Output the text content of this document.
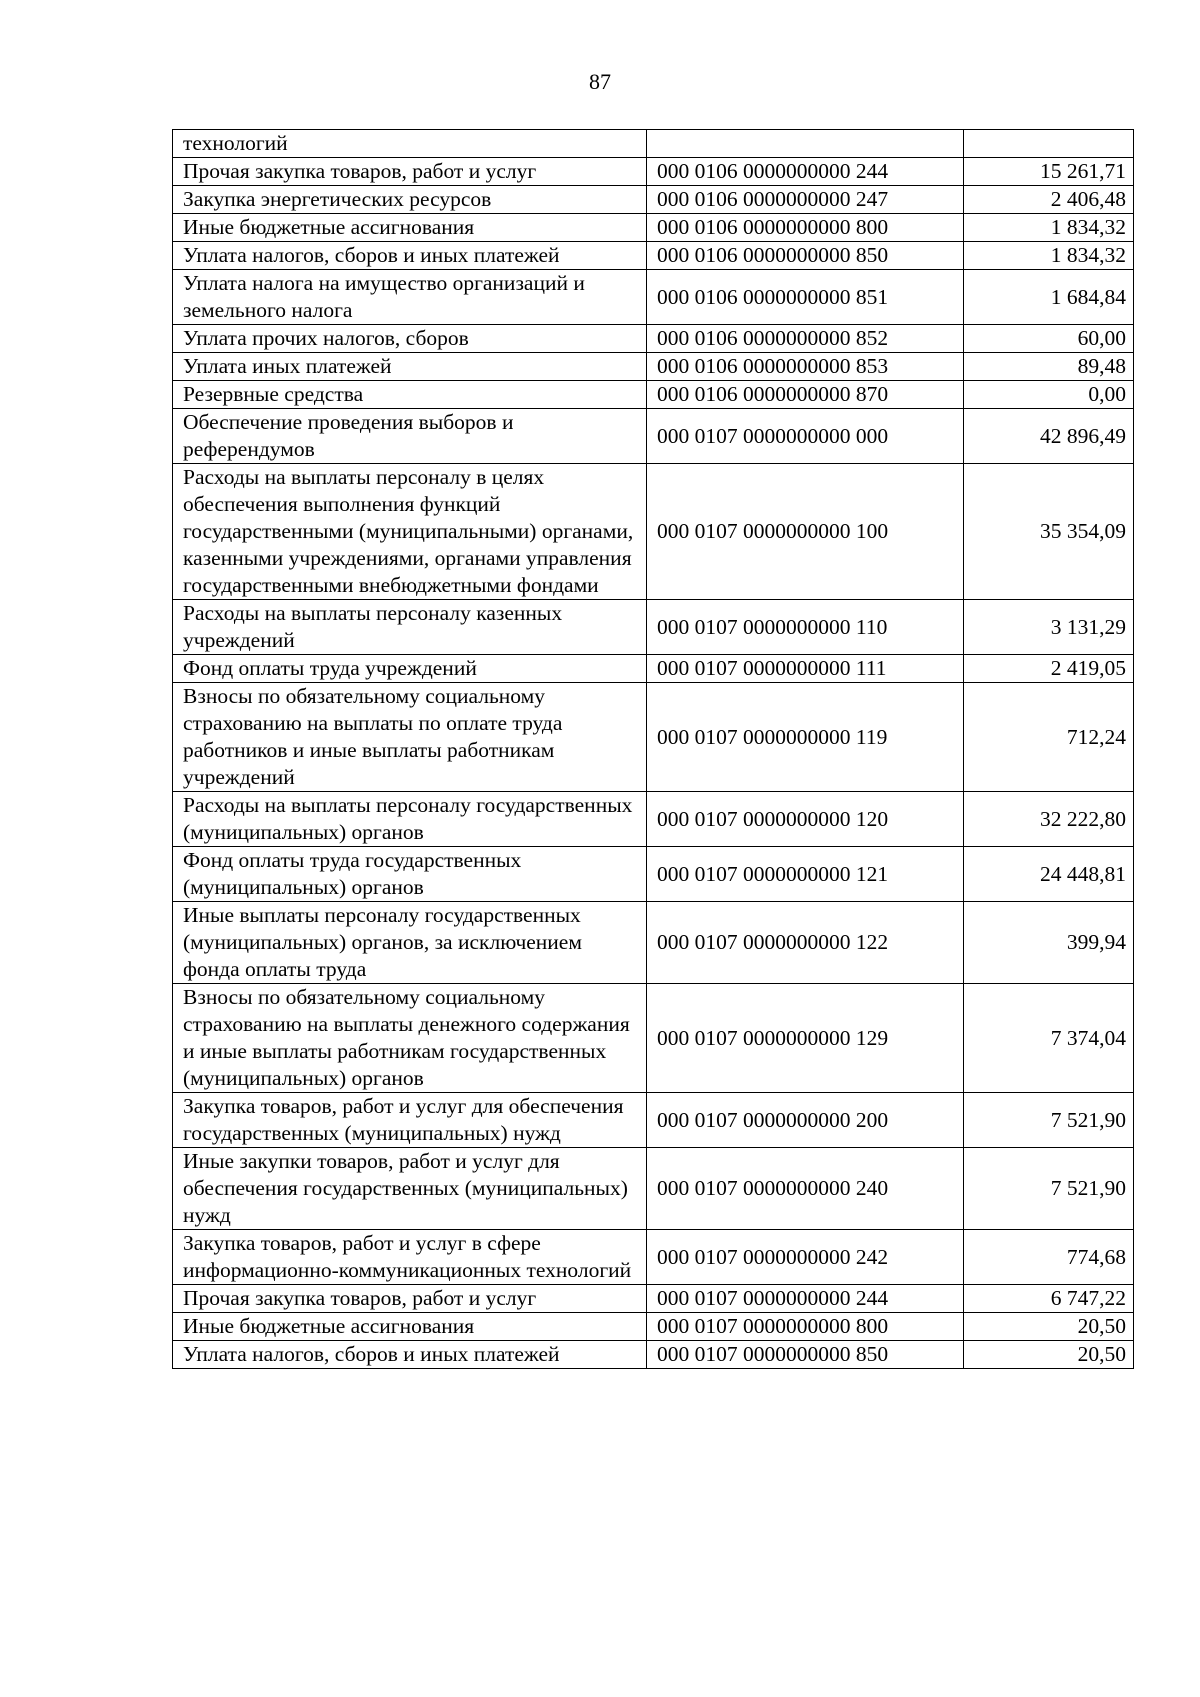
87
технологий		
Прочая закупка товаров, работ и услуг	000 0106 0000000000 244	15 261,71
Закупка энергетических ресурсов	000 0106 0000000000 247	2 406,48
Иные бюджетные ассигнования	000 0106 0000000000 800	1 834,32
Уплата налогов, сборов и иных платежей	000 0106 0000000000 850	1 834,32
Уплата налога на имущество организаций и земельного налога	000 0106 0000000000 851	1 684,84
Уплата прочих налогов, сборов	000 0106 0000000000 852	60,00
Уплата иных платежей	000 0106 0000000000 853	89,48
Резервные средства	000 0106 0000000000 870	0,00
Обеспечение проведения выборов и референдумов	000 0107 0000000000 000	42 896,49
Расходы на выплаты персоналу в целях обеспечения выполнения функций государственными (муниципальными) органами, казенными учреждениями, органами управления государственными внебюджетными фондами	000 0107 0000000000 100	35 354,09
Расходы на выплаты персоналу казенных учреждений	000 0107 0000000000 110	3 131,29
Фонд оплаты труда учреждений	000 0107 0000000000 111	2 419,05
Взносы по обязательному социальному страхованию на выплаты по оплате труда работников и иные выплаты работникам учреждений	000 0107 0000000000 119	712,24
Расходы на выплаты персоналу государственных (муниципальных) органов	000 0107 0000000000 120	32 222,80
Фонд оплаты труда государственных (муниципальных) органов	000 0107 0000000000 121	24 448,81
Иные выплаты персоналу государственных (муниципальных) органов, за исключением фонда оплаты труда	000 0107 0000000000 122	399,94
Взносы по обязательному социальному страхованию на выплаты денежного содержания и иные выплаты работникам государственных (муниципальных) органов	000 0107 0000000000 129	7 374,04
Закупка товаров, работ и услуг для обеспечения государственных (муниципальных) нужд	000 0107 0000000000 200	7 521,90
Иные закупки товаров, работ и услуг для обеспечения государственных (муниципальных) нужд	000 0107 0000000000 240	7 521,90
Закупка товаров, работ и услуг в сфере информационно-коммуникационных технологий	000 0107 0000000000 242	774,68
Прочая закупка товаров, работ и услуг	000 0107 0000000000 244	6 747,22
Иные бюджетные ассигнования	000 0107 0000000000 800	20,50
Уплата налогов, сборов и иных платежей	000 0107 0000000000 850	20,50
